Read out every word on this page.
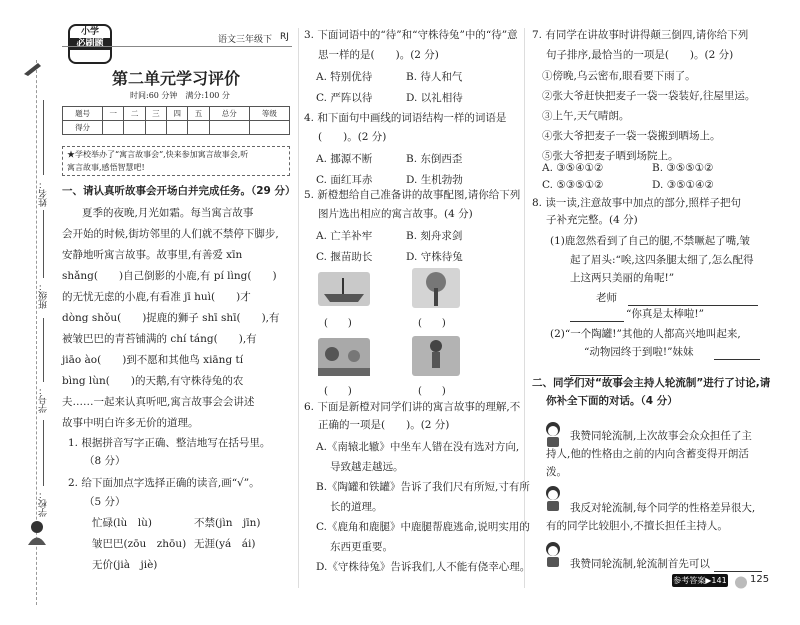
姓名：
班级：
学号：
学校：
小学
必刷题	语文三年级下 RJ
第二单元学习评价
时间:60 分钟　满分:100 分
题号	一	二	三	四	五	总分	等级
得分							
★学校举办了“寓言故事会”,快来参加寓言故事会,听
寓言故事,感悟智慧吧!
一、请认真听故事会开场白并完成任务。（29 分）
夏季的夜晚,月光如霜。每当寓言故事
会开始的时候,街坊邻里的人们就不禁停下脚步,
安静地听寓言故事。故事里,有善爱 xīn
shǎng(　　)自己倒影的小鹿,有 pí lìng(　　)
的无忧无虑的小鹿,有看准 jī huì(　　)才
dòng shǒu(　　)捉鹿的狮子 shī shī(　　),有
被皱巴巴的青苔铺满的 chí táng(　　),有
jiāo ào(　　)到不愿和其他鸟 xiāng tí
bìng lùn(　　)的天鹅,有守株待兔的农
夫……一起来认真听吧,寓言故事会会讲述
故事中明白许多无价的道理。
1. 根据拼音写字正确、整洁地写在括号里。
（8 分）
2. 给下面加点字选择正确的读音,画“√”。
（5 分）
忙碌(lù　lù)	不禁(jìn　jīn)
皱巴巴(zōu　zhōu) 无涯(yá　ái)
无价(jià　jiè)
3. 下面词语中的“待”和“守株待兔”中的“待”意
思一样的是(　　)。(2 分)
A. 特别优待	B. 待人和气
C. 严阵以待	D. 以礼相待
4. 和下面句中画线的词语结构一样的词语是
(　　)。(2 分)
A. 挪源不断	B. 东倒西歪
C. 面红耳赤	D. 生机勃勃
5. 新橙想给自己准备讲的故事配图,请你给下列
图片选出相应的寓言故事。(4 分)
A. 亡羊补牢	B. 刻舟求剑
C. 揠苗助长	D. 守株待兔
(　　)	(　　)
(　　)	(　　)
6. 下面是新橙对同学们讲的寓言故事的理解,不
正确的一项是(　　)。(2 分)
A.《南辕北辙》中坐车人错在没有选对方向,
导致越走越远。
B.《陶罐和铁罐》告诉了我们尺有所短,寸有所
长的道理。
C.《鹿角和鹿腿》中鹿腿帮鹿逃命,说明实用的
东西更重要。
D.《守株待兔》告诉我们,人不能有侥幸心理。
7. 有同学在讲故事时讲得颠三倒四,请你给下列
句子排序,最恰当的一项是(　　)。(2 分)
①傍晚,乌云密布,眼看要下雨了。
②张大爷赶快把麦子一袋一袋装好,往屋里运。
③上午,天气晴朗。
④张大爷把麦子一袋一袋搬到晒场上。
⑤张大爷把麦子晒到场院上。
A. ③⑤④①②	B. ③⑤⑤①②
C. ⑤③⑤①②	D. ③⑤①④②
8. 读一读,注意故事中加点的部分,照样子把句
子补充完整。(4 分)
(1)鹿忽然看到了自己的腿,不禁噘起了嘴,皱
起了眉头:“唉,这四条腿太细了,怎么配得
上这两只美丽的角呢!”
老师
“你真是太棒啦!”
(2)“一个陶罐!”其他的人都高兴地叫起来,
“动物园终于到啦!”妹妹
二、同学们对“故事会主持人轮流制”进行了讨论,请
你补全下面的对话。（4 分）
我赞同轮流制,上次故事会众众担任了主
持人,他的性格由之前的内向含蓄变得开朗活
泼。
我反对轮流制,每个同学的性格差异很大,
有的同学比较胆小,不擅长担任主持人。
我赞同轮流制,轮流制首先可以
参考答案▶141 125
